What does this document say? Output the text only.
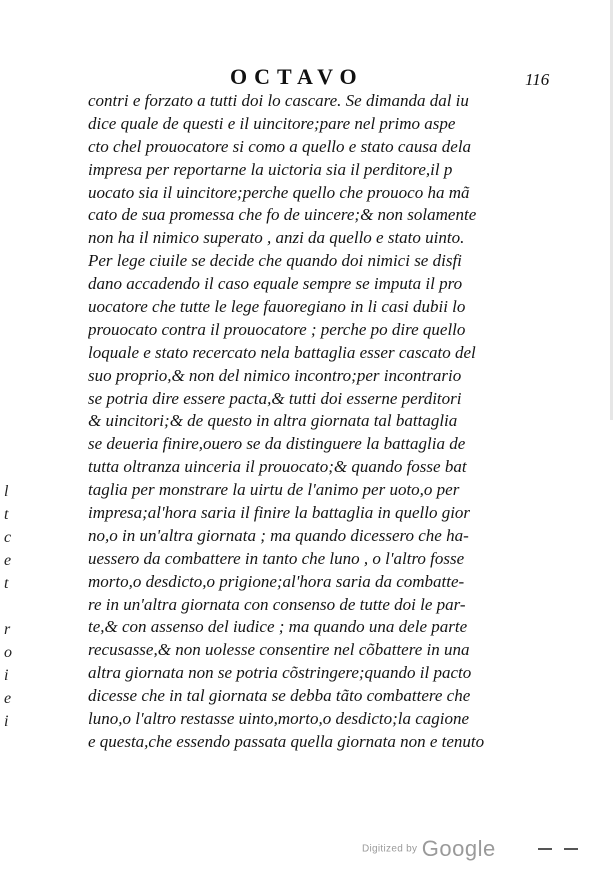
OCTAVO	116
contri e forzato a tutti doi lo cascare. Se dimanda dal iu
dice quale de questi e il uincitore;pare nel primo aspe
cto chel prouocatore si como a quello e stato causa dela
impresa per reportarne la uictoria sia il perditore,il p
uocato sia il uincitore;perche quello che prouoco ha mã
cato de sua promessa che fo de uincere;& non solamente
non ha il nimico superato , anzi da quello e stato uinto.
Per lege ciuile se decide che quando doi nimici se disfi
dano accadendo il caso equale sempre se imputa il pro
uocatore che tutte le lege fauoregiano in li casi dubii lo
prouocato contra il prouocatore ; perche po dire quello
loquale e stato recercato nela battaglia esser cascato del
suo proprio,& non del nimico incontro;per incontrario
se potria dire essere pacta,& tutti doi esserne perditori
& uincitori;& de questo in altra giornata tal battaglia
se deueria finire,ouero se da distinguere la battaglia de
tutta oltranza uinceria il prouocato;& quando fosse bat
taglia per monstrare la uirtu de l'animo per uoto,o per
impresa;al'hora saria il finire la battaglia in quello gior
no,o in un'altra giornata ; ma quando dicessero che ha-
uessero da combattere in tanto che luno , o l'altro fosse
morto,o desdicto,o prigione;al'hora saria da combatte-
re in un'altra giornata con consenso de tutte doi le par-
te,& con assenso del iudice ; ma quando una dele parte
recusasse,& non uolesse consentire nel cõbattere in una
altra giornata non se potria cõstringere;quando il pacto
dicesse che in tal giornata se debba tãto combattere che
luno,o l'altro restasse uinto,morto,o desdicto;la cagione
e questa,che essendo passata quella giornata non e tenuto
l
t
c
e
t
r
o
i
e
i
Digitized by Google
